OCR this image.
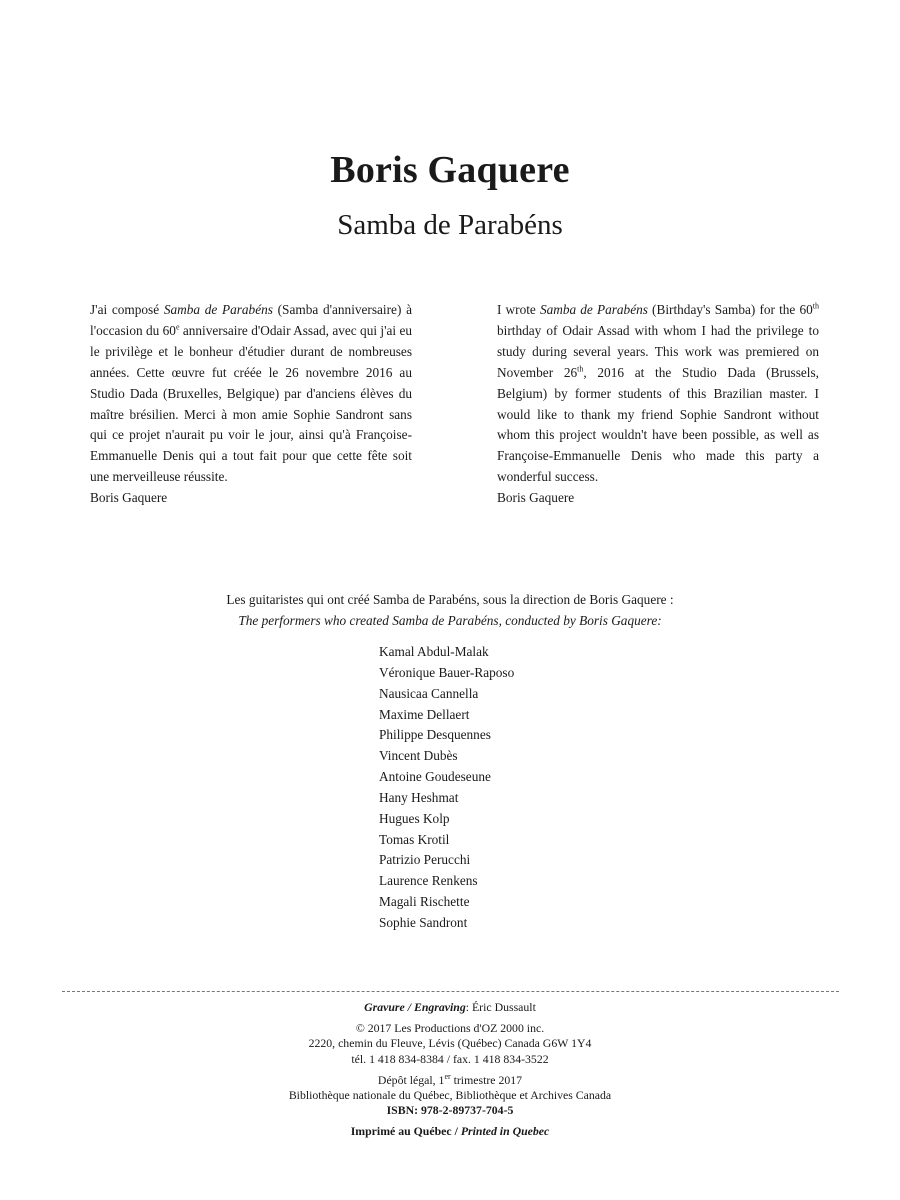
Boris Gaquere
Samba de Parabéns
J'ai composé Samba de Parabéns (Samba d'anniversaire) à l'occasion du 60e anniversaire d'Odair Assad, avec qui j'ai eu le privilège et le bonheur d'étudier durant de nombreuses années. Cette œuvre fut créée le 26 novembre 2016 au Studio Dada (Bruxelles, Belgique) par d'anciens élèves du maître brésilien. Merci à mon amie Sophie Sandront sans qui ce projet n'aurait pu voir le jour, ainsi qu'à Françoise-Emmanuelle Denis qui a tout fait pour que cette fête soit une merveilleuse réussite.
Boris Gaquere
I wrote Samba de Parabéns (Birthday's Samba) for the 60th birthday of Odair Assad with whom I had the privilege to study during several years. This work was premiered on November 26th, 2016 at the Studio Dada (Brussels, Belgium) by former students of this Brazilian master. I would like to thank my friend Sophie Sandront without whom this project wouldn't have been possible, as well as Françoise-Emmanuelle Denis who made this party a wonderful success.
Boris Gaquere
Les guitaristes qui ont créé Samba de Parabéns, sous la direction de Boris Gaquere :
The performers who created Samba de Parabéns, conducted by Boris Gaquere:
Kamal Abdul-Malak
Véronique Bauer-Raposo
Nausicaa Cannella
Maxime Dellaert
Philippe Desquennes
Vincent Dubès
Antoine Goudeseune
Hany Heshmat
Hugues Kolp
Tomas Krotil
Patrizio Perucchi
Laurence Renkens
Magali Rischette
Sophie Sandront
Gravure / Engraving: Éric Dussault
© 2017 Les Productions d'OZ 2000 inc.
2220, chemin du Fleuve, Lévis (Québec) Canada G6W 1Y4
tél. 1 418 834-8384 / fax. 1 418 834-3522
Dépôt légal, 1er trimestre 2017
Bibliothèque nationale du Québec, Bibliothèque et Archives Canada
ISBN: 978-2-89737-704-5
Imprimé au Québec / Printed in Quebec
